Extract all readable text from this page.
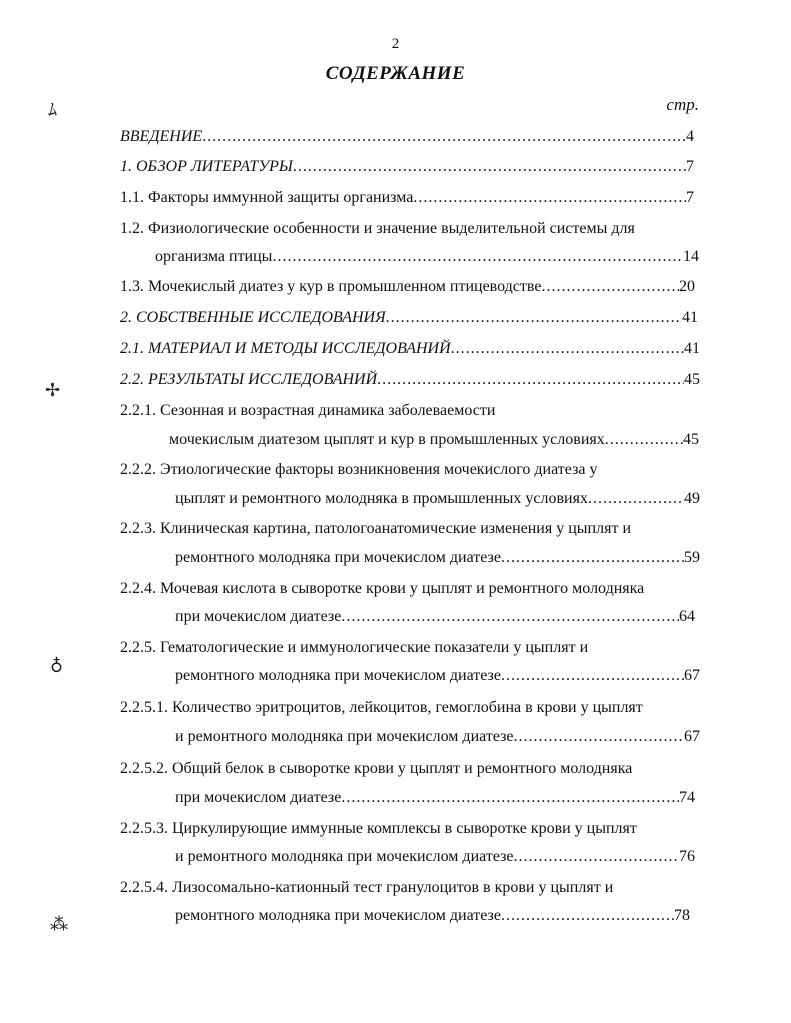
2
СОДЕРЖАНИЕ
стр.
ﾑ
✢
♁
⁂
ВВЕДЕНИЕ .....	4
1. ОБЗОР ЛИТЕРАТУРЫ .....	7
1.1. Факторы иммунной защиты организма .....	7
1.2. Физиологические особенности и значение выделительной системы для
организма птицы .....	14
1.3. Мочекислый диатез у кур в промышленном птицеводстве .....	20
2. СОБСТВЕННЫЕ ИССЛЕДОВАНИЯ .....	41
2.1. МАТЕРИАЛ И МЕТОДЫ ИССЛЕДОВАНИЙ .....	41
2.2. РЕЗУЛЬТАТЫ ИССЛЕДОВАНИЙ .....	45
2.2.1. Сезонная и возрастная динамика заболеваемости
мочекислым диатезом цыплят и кур в промышленных условиях .....	45
2.2.2. Этиологические факторы возникновения мочекислого диатеза у
цыплят и ремонтного молодняка в промышленных условиях .....	49
2.2.3. Клиническая картина, патологоанатомические изменения у цыплят и
ремонтного молодняка при мочекислом диатезе .....	59
2.2.4. Мочевая кислота в сыворотке крови у цыплят и ремонтного молодняка
при мочекислом диатезе .....	64
2.2.5. Гематологические и иммунологические показатели у цыплят и
ремонтного молодняка при мочекислом диатезе .....	67
2.2.5.1. Количество эритроцитов, лейкоцитов, гемоглобина в крови у цыплят
и ремонтного молодняка при мочекислом диатезе .....	67
2.2.5.2. Общий белок в сыворотке крови у цыплят и ремонтного молодняка
при мочекислом диатезе .....	74
2.2.5.3. Циркулирующие иммунные комплексы в сыворотке крови у цыплят
и ремонтного молодняка при мочекислом диатезе .....	76
2.2.5.4. Лизосомально-катионный тест гранулоцитов в крови у цыплят и
ремонтного молодняка при мочекислом диатезе .....	78
